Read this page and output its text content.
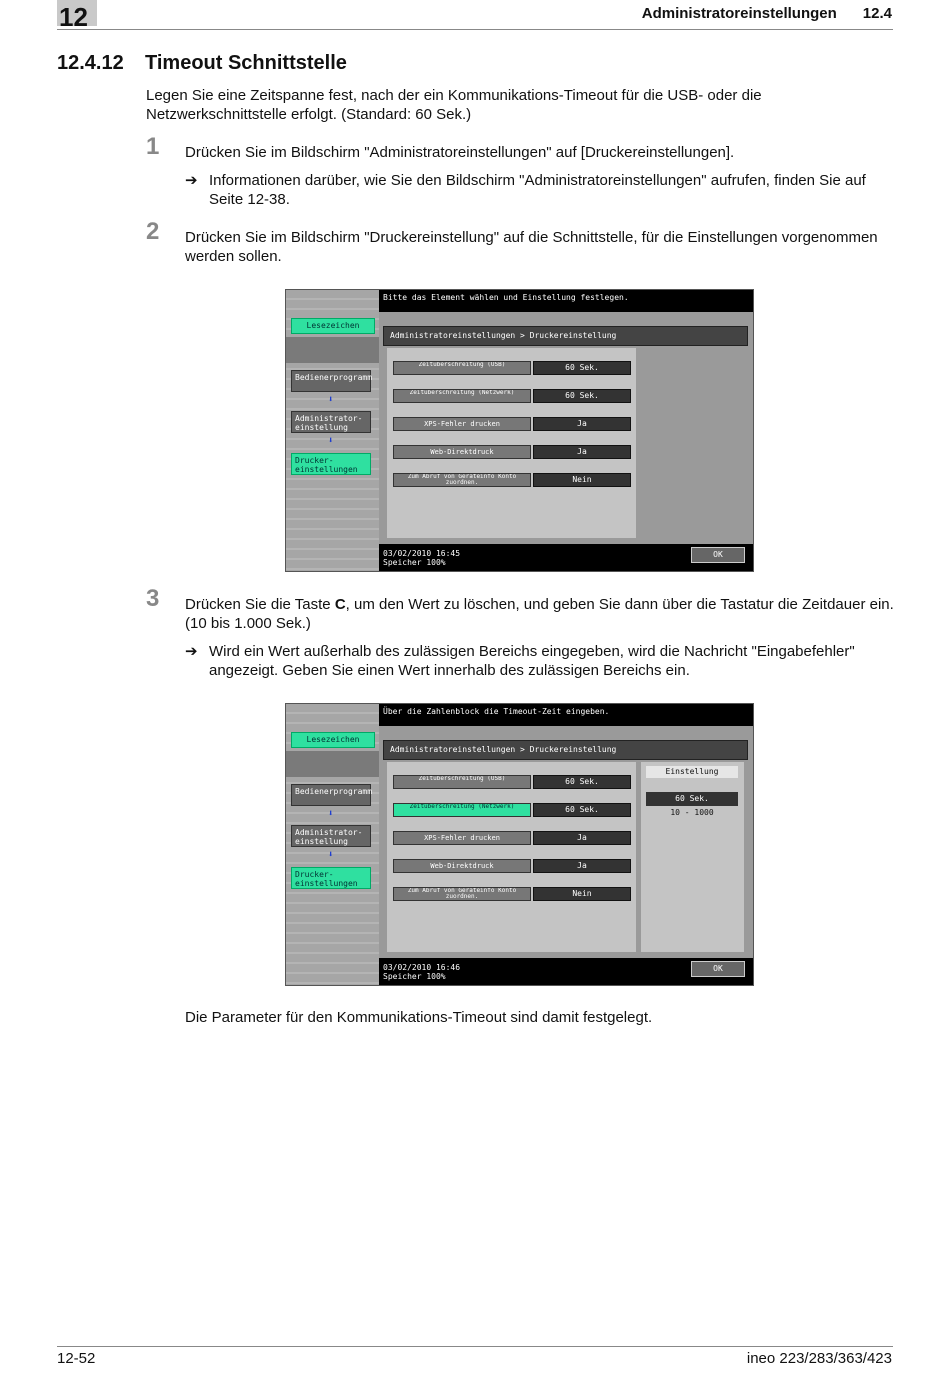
12	Administratoreinstellungen 12.4
12.4.12 Timeout Schnittstelle
Legen Sie eine Zeitspanne fest, nach der ein Kommunikations-Timeout für die USB- oder die Netzwerkschnittstelle erfolgt. (Standard: 60 Sek.)
1 Drücken Sie im Bildschirm "Administratoreinstellungen" auf [Druckereinstellungen].
➔ Informationen darüber, wie Sie den Bildschirm "Administratoreinstellungen" aufrufen, finden Sie auf Seite 12-38.
2 Drücken Sie im Bildschirm "Druckereinstellung" auf die Schnittstelle, für die Einstellungen vorgenommen werden sollen.
Bitte das Element wählen und Einstellung festlegen.
Lesezeichen
Bedienerprogramm
⬇
Administrator-einstellung
⬇
Drucker-einstellungen
Administratoreinstellungen > Druckereinstellung
Zeitüberschreitung (USB)	60 Sek.
Zeitüberschreitung (Netzwerk)	60 Sek.
XPS-Fehler drucken	Ja
Web-Direktdruck	Ja
Zum Abruf von Geräteinfo Konto zuordnen.	Nein
03/02/2010 16:45
Speicher 100%
OK
3 Drücken Sie die Taste C, um den Wert zu löschen, und geben Sie dann über die Tastatur die Zeitdauer ein. (10 bis 1.000 Sek.)
➔ Wird ein Wert außerhalb des zulässigen Bereichs eingegeben, wird die Nachricht "Eingabefehler" angezeigt. Geben Sie einen Wert innerhalb des zulässigen Bereichs ein.
Über die Zahlenblock die Timeout-Zeit eingeben.
Lesezeichen
Bedienerprogramm
⬇
Administrator-einstellung
⬇
Drucker-einstellungen
Administratoreinstellungen > Druckereinstellung
Zeitüberschreitung (USB)	60 Sek.
Zeitüberschreitung (Netzwerk)	60 Sek.
XPS-Fehler drucken	Ja
Web-Direktdruck	Ja
Zum Abruf von Geräteinfo Konto zuordnen.	Nein
Einstellung
60 Sek.
10 - 1000
03/02/2010 16:46
Speicher 100%
OK
Die Parameter für den Kommunikations-Timeout sind damit festgelegt.
12-52	ineo 223/283/363/423
